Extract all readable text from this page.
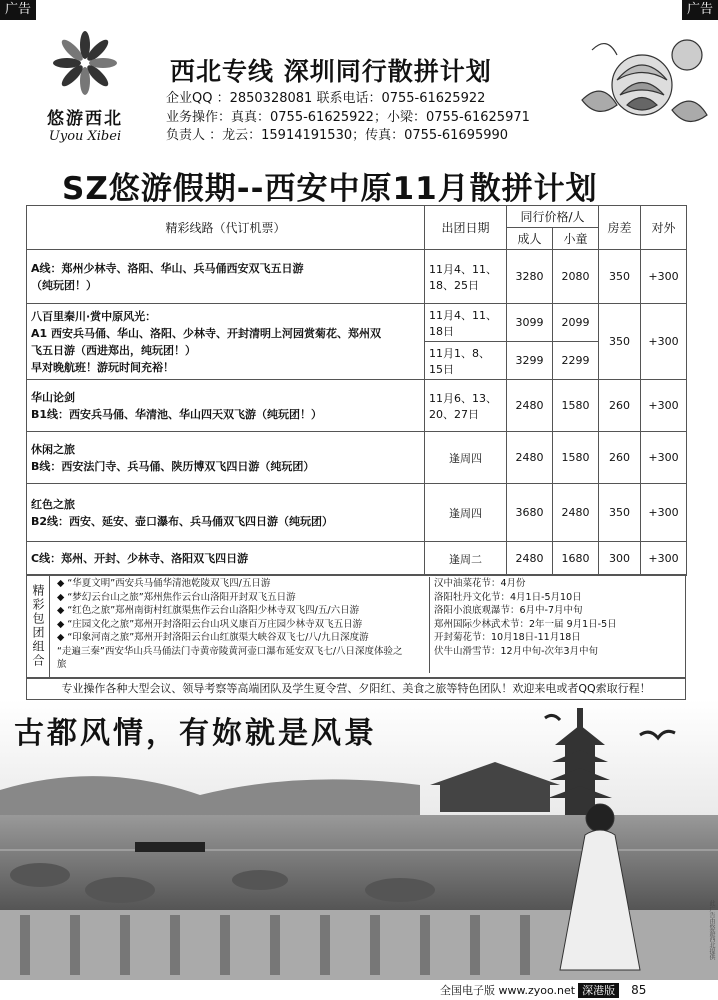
广告	广告
悠游西北
Uyou Xibei
西北专线 深圳同行散拼计划
企业QQ ：2850328081 联系电话：0755-61625922
业务操作：真真：0755-61625922；小梁：0755-61625971
负责人 ：龙云：15914191530；传真：0755-61695990
SZ悠游假期--西安中原11月散拼计划
精彩线路（代订机票）	出团日期	同行价格/人		房差	对外
		成人	小童		

A线：郑州少林寺、洛阳、华山、兵马俑西安双飞五日游
（纯玩团！）	11月4、11、18、25日	3280	2080	350	+300

八百里秦川·赏中原风光：
A1 西安兵马俑、华山、洛阳、少林寺、开封清明上河园赏菊花、郑州双
飞五日游（西进郑出，纯玩团！）
早对晚航班！游玩时间充裕！	11月4、11、18日	3099	2099	350	+300
	11月1、8、15日	3299	2299		

华山论剑
B1线：西安兵马俑、华清池、华山四天双飞游（纯玩团！）	11月6、13、20、27日	2480	1580	260	+300

休闲之旅
B线：西安法门寺、兵马俑、陕历博双飞四日游（纯玩团）	逢周四	2480	1580	260	+300

红色之旅
B2线：西安、延安、壶口瀑布、兵马俑双飞四日游（纯玩团）	逢周四	3680	2480	350	+300

C线：郑州、开封、少林寺、洛阳双飞四日游	逢周二	2480	1680	300	+300
精彩包团组合
◆ “华夏文明”西安兵马俑华清池乾陵双飞四/五日游
◆ “梦幻云台山之旅”郑州焦作云台山洛阳开封双飞五日游
◆ “红色之旅”郑州南街村红旗渠焦作云台山洛阳少林寺双飞四/五/六日游
◆ “庄园文化之旅”郑州开封洛阳云台山巩义康百万庄园少林寺双飞五日游
◆ “印象河南之旅”郑州开封洛阳云台山红旗渠大峡谷双飞七/八/九日深度游
“走遍三秦”西安华山兵马俑法门寺黄帝陵黄河壶口瀑布延安双飞七/八日深度体验之旅
汉中油菜花节：4月份
洛阳牡丹文化节：4月1日-5月10日
洛阳小浪底观瀑节：6月中-7月中旬
郑州国际少林武术节：2年一届 9月1日-5日
开封菊花节：10月18日-11月18日
伏牛山滑雪节：12月中旬-次年3月中旬
专业操作各种大型会议、领导考察等高端团队及学生夏令营、夕阳红、美食之旅等特色团队！欢迎来电或者QQ索取行程！
古都风情，有妳就是风景
此广告由悠游西北提供
全国电子版 www.zyoo.net 深港版 85
